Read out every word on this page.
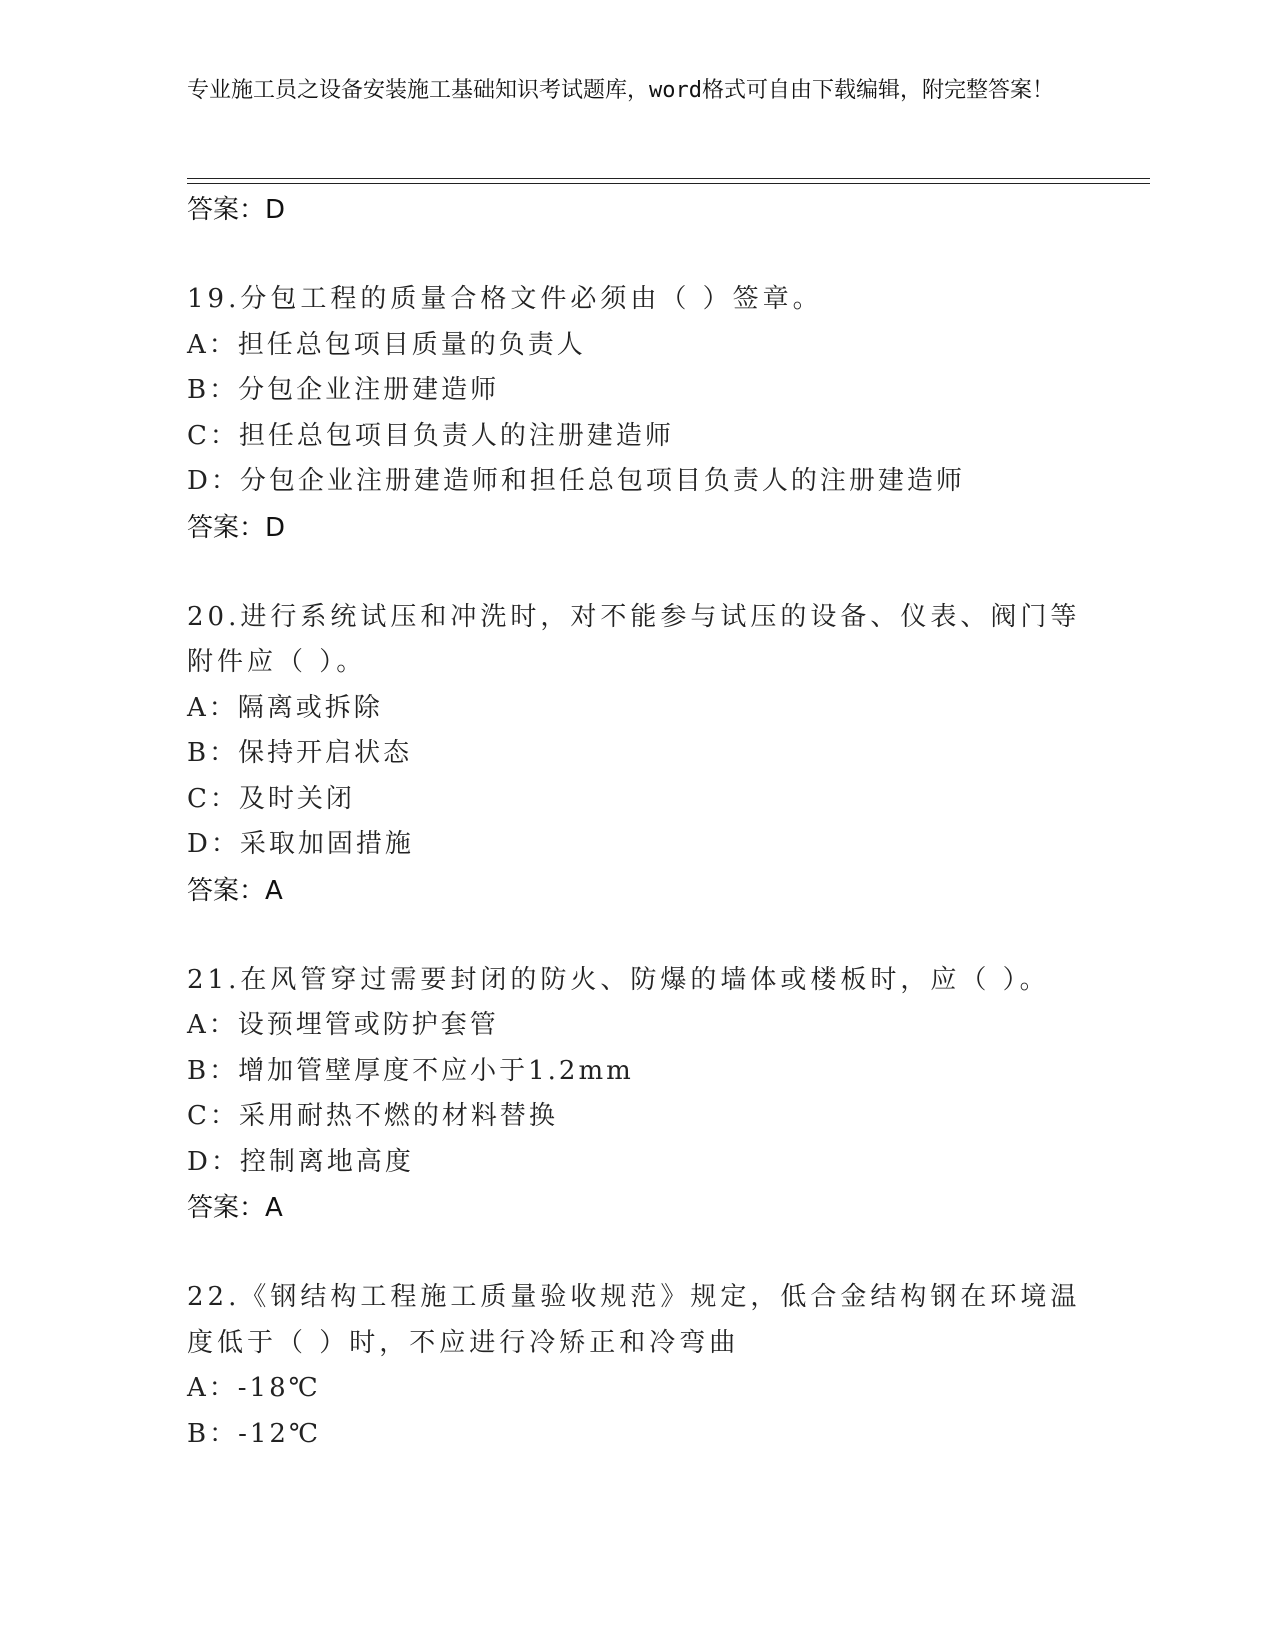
专业施工员之设备安装施工基础知识考试题库，word格式可自由下载编辑，附完整答案！
答案：D
19.分包工程的质量合格文件必须由（ ）签章。
A：担任总包项目质量的负责人
B：分包企业注册建造师
C：担任总包项目负责人的注册建造师
D：分包企业注册建造师和担任总包项目负责人的注册建造师
答案：D
20.进行系统试压和冲洗时，对不能参与试压的设备、仪表、阀门等附件应（ ）。
A：隔离或拆除
B：保持开启状态
C：及时关闭
D：采取加固措施
答案：A
21.在风管穿过需要封闭的防火、防爆的墙体或楼板时，应（ ）。
A：设预埋管或防护套管
B：增加管壁厚度不应小于1.2mm
C：采用耐热不燃的材料替换
D：控制离地高度
答案：A
22.《钢结构工程施工质量验收规范》规定，低合金结构钢在环境温度低于（ ）时，不应进行冷矫正和冷弯曲
A：-18℃
B：-12℃
